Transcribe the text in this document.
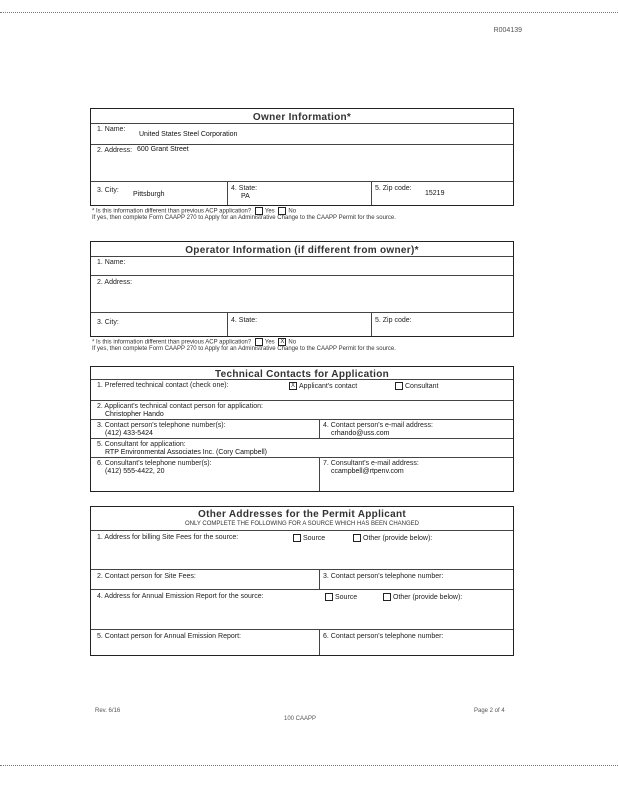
R004139
Owner Information*
1. Name:
United States Steel Corporation
2. Address: 600 Grant Street
3. City:
Pittsburgh
4. State:
PA
5. Zip code:
15219
* Is this information different than previous ACP application? Yes No
If yes, then complete Form CAAPP 270 to Apply for an Administrative Change to the CAAPP Permit for the source.
Operator Information (if different from owner)*
1. Name:
2. Address:
3. City:	4. State:	5. Zip code:
* Is this information different than previous ACP application? Yes X No
If yes, then complete Form CAAPP 270 to Apply for an Administrative Change to the CAAPP Permit for the source.
Technical Contacts for Application
1. Preferred technical contact (check one):	X Applicant's contact	Consultant
2. Applicant's technical contact person for application:
Christopher Hando
3. Contact person's telephone number(s):
(412) 433-5424
4. Contact person's e-mail address:
crhando@uss.com
5. Consultant for application:
RTP Environmental Associates Inc. (Cory Campbell)
6. Consultant's telephone number(s):
(412) 555-4422, 20
7. Consultant's e-mail address:
ccampbell@rtpenv.com
Other Addresses for the Permit Applicant
ONLY COMPLETE THE FOLLOWING FOR A SOURCE WHICH HAS BEEN CHANGED
1. Address for billing Site Fees for the source:	Source	Other (provide below):
2. Contact person for Site Fees:	3. Contact person's telephone number:
4. Address for Annual Emission Report for the source:	Source	Other (provide below):
5. Contact person for Annual Emission Report:	6. Contact person's telephone number:
Rev. 6/16
100 CAAPP
Page 2 of 4
